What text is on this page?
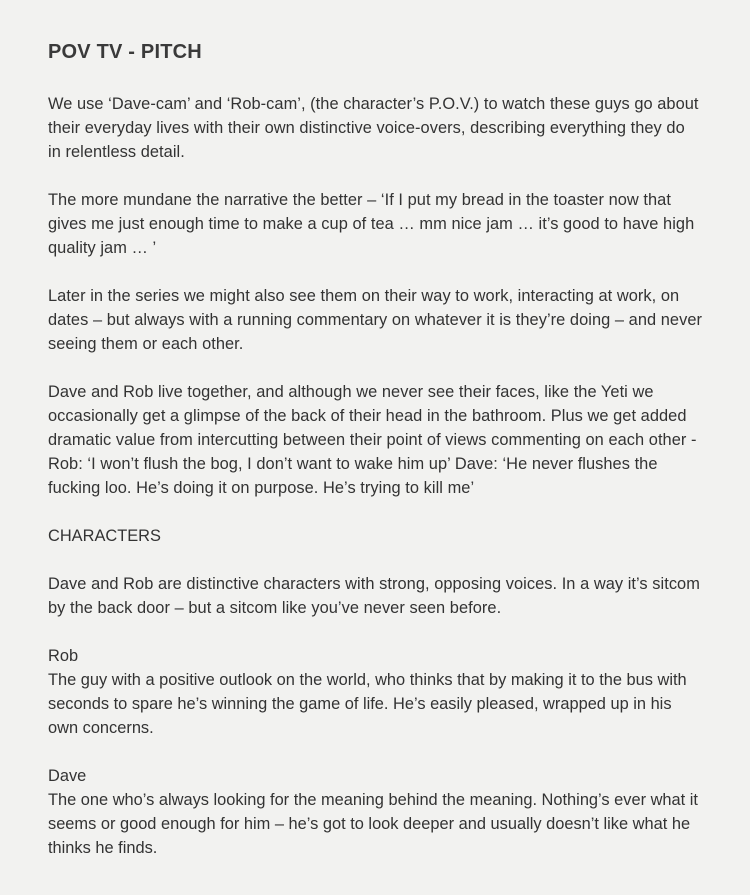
POV TV - PITCH

We use ‘Dave-cam’ and ‘Rob-cam’, (the character’s P.O.V.) to watch these guys go about their everyday lives with their own distinctive voice-overs, describing everything they do in relentless detail.

The more mundane the narrative the better – ‘If I put my bread in the toaster now that gives me just enough time to make a cup of tea … mm nice jam … it’s good to have high quality jam … ’

Later in the series we might also see them on their way to work, interacting at work, on dates – but always with a running commentary on whatever it is they’re doing – and never seeing them or each other.

Dave and Rob live together, and although we never see their faces, like the Yeti we occasionally get a glimpse of the back of their head in the bathroom. Plus we get added dramatic value from intercutting between their point of views commenting on each other - Rob: ‘I won’t flush the bog, I don’t want to wake him up’ Dave: ‘He never flushes the fucking loo. He’s doing it on purpose. He’s trying to kill me’

CHARACTERS

Dave and Rob are distinctive characters with strong, opposing voices. In a way it’s sitcom by the back door – but a sitcom like you’ve never seen before.

Rob

The guy with a positive outlook on the world, who thinks that by making it to the bus with seconds to spare he’s winning the game of life. He’s easily pleased, wrapped up in his own concerns.

Dave

The one who’s always looking for the meaning behind the meaning. Nothing’s ever what it seems or good enough for him – he’s got to look deeper and usually doesn’t like what he thinks he finds.
